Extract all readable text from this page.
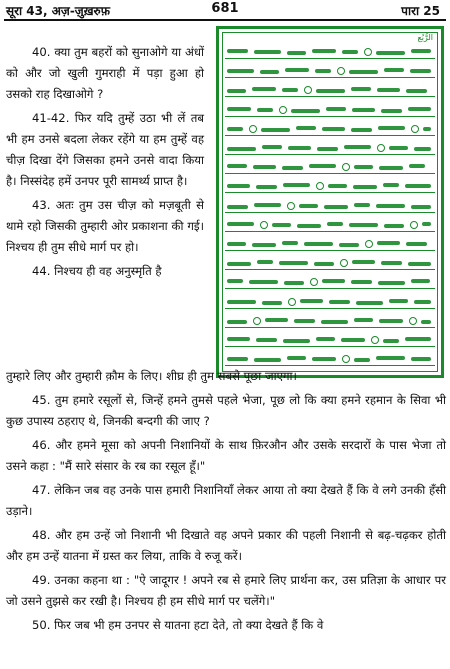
सूरा 43, अज़-ज़ुख़रुफ़	681	पारा 25

40. क्या तुम बहरों को सुनाओगे या अंधों को और जो खुली गुमराही में पड़ा हुआ हो उसको राह दिखाओगे ?

41-42. फिर यदि तुम्हें उठा भी लें तब भी हम उनसे बदला लेकर रहेंगे या हम तुम्हें वह चीज़ दिखा देंगे जिसका हमने उनसे वादा किया है। निस्संदेह हमें उनपर पूरी सामर्थ्य प्राप्त है।

43. अतः तुम उस चीज़ को मज़बूती से थामे रहो जिसकी तुम्हारी ओर प्रकाशना की गई। निश्चय ही तुम सीधे मार्ग पर हो।

44. निश्चय ही वह अनुस्मृति है

الرُّبُع

तुम्हारे लिए और तुम्हारी क़ौम के लिए। शीघ्र ही तुम सबसे पूछा जाएगा।

45. तुम हमारे रसूलों से, जिन्हें हमने तुमसे पहले भेजा, पूछ लो कि क्या हमने रहमान के सिवा भी कुछ उपास्य ठहराए थे, जिनकी बन्दगी की जाए ?

46. और हमने मूसा को अपनी निशानियों के साथ फ़िरऔन और उसके सरदारों के पास भेजा तो उसने कहा : "मैं सारे संसार के रब का रसूल हूँ।"

47. लेकिन जब वह उनके पास हमारी निशानियाँ लेकर आया तो क्या देखते हैं कि वे लगे उनकी हँसी उड़ाने।

48. और हम उन्हें जो निशानी भी दिखाते वह अपने प्रकार की पहली निशानी से बढ़-चढ़कर होती और हम उन्हें यातना में ग्रस्त कर लिया, ताकि वे रुजू करें।

49. उनका कहना था : "ऐ जादूगर ! अपने रब से हमारे लिए प्रार्थना कर, उस प्रतिज्ञा के आधार पर जो उसने तुझसे कर रखी है। निश्चय ही हम सीधे मार्ग पर चलेंगे।"

50. फिर जब भी हम उनपर से यातना हटा देते, तो क्या देखते हैं कि वे
